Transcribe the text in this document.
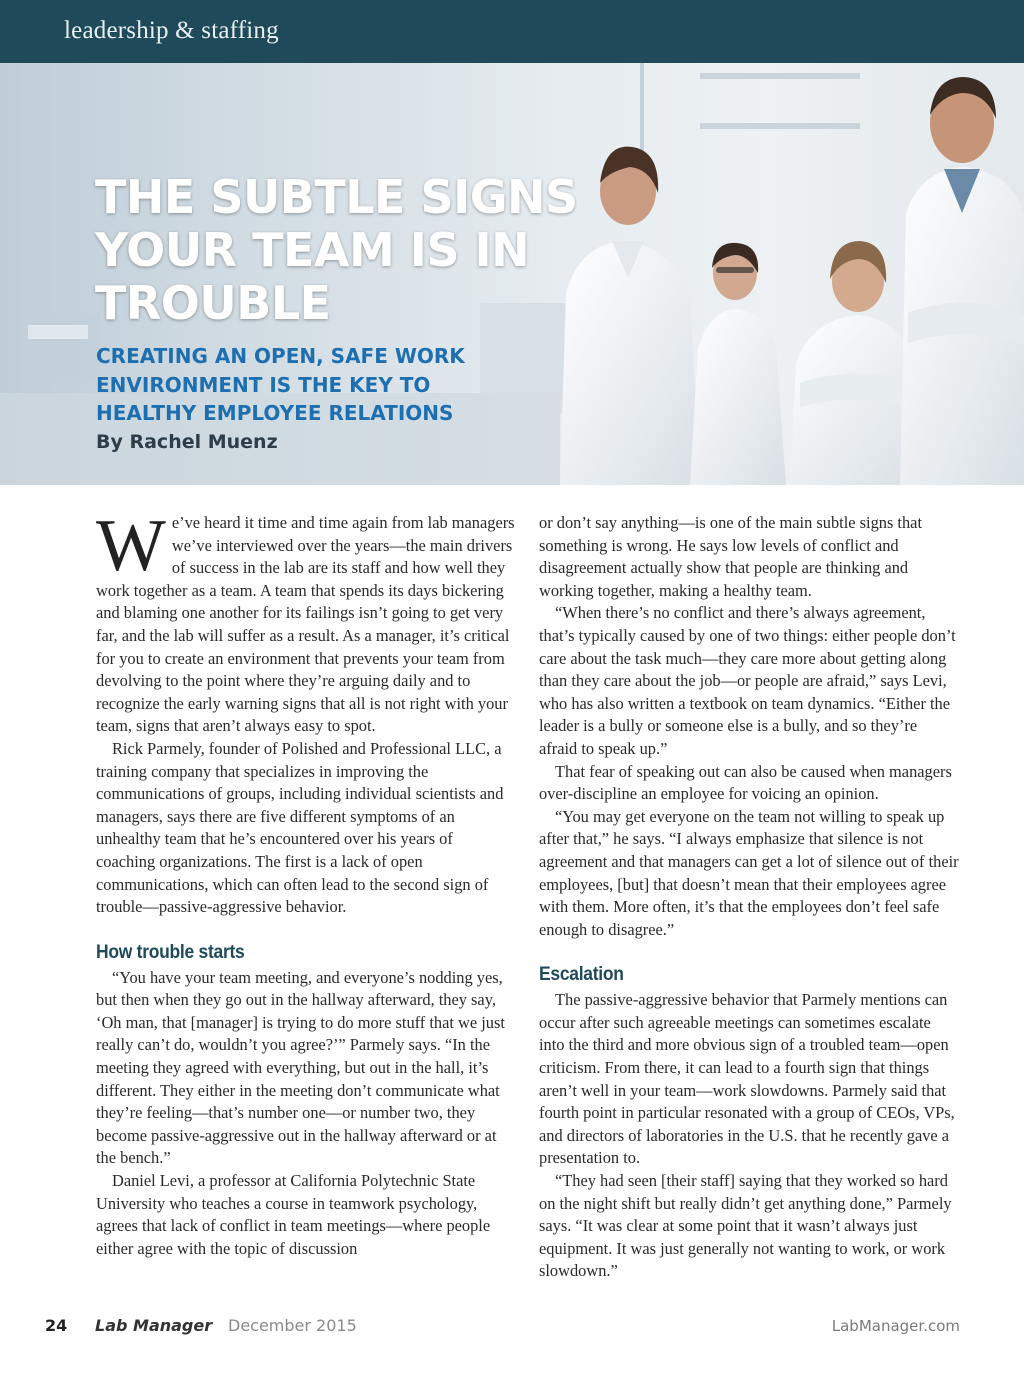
leadership & staffing
THE SUBTLE SIGNS YOUR TEAM IS IN TROUBLE
CREATING AN OPEN, SAFE WORK ENVIRONMENT IS THE KEY TO HEALTHY EMPLOYEE RELATIONS
By Rachel Muenz

We’ve heard it time and time again from lab managers we’ve interviewed over the years—the main drivers of success in the lab are its staff and how well they work together as a team. A team that spends its days bickering and blaming one another for its failings isn’t going to get very far, and the lab will suffer as a result. As a manager, it’s critical for you to create an environment that prevents your team from devolving to the point where they’re arguing daily and to recognize the early warning signs that all is not right with your team, signs that aren’t always easy to spot.

Rick Parmely, founder of Polished and Professional LLC, a training company that specializes in improving the communications of groups, including individual scientists and managers, says there are five different symptoms of an unhealthy team that he’s encountered over his years of coaching organizations. The first is a lack of open communications, which can often lead to the second sign of trouble—passive-aggressive behavior.

How trouble starts

“You have your team meeting, and everyone’s nodding yes, but then when they go out in the hallway afterward, they say, ‘Oh man, that [manager] is trying to do more stuff that we just really can’t do, wouldn’t you agree?’” Parmely says. “In the meeting they agreed with everything, but out in the hall, it’s different. They either in the meeting don’t communicate what they’re feeling—that’s number one—or number two, they become passive-aggressive out in the hallway afterward or at the bench.”

Daniel Levi, a professor at California Polytechnic State University who teaches a course in teamwork psychology, agrees that lack of conflict in team meetings—where people either agree with the topic of discussion

or don’t say anything—is one of the main subtle signs that something is wrong. He says low levels of conflict and disagreement actually show that people are thinking and working together, making a healthy team.

“When there’s no conflict and there’s always agreement, that’s typically caused by one of two things: either people don’t care about the task much—they care more about getting along than they care about the job—or people are afraid,” says Levi, who has also written a textbook on team dynamics. “Either the leader is a bully or someone else is a bully, and so they’re afraid to speak up.”

That fear of speaking out can also be caused when managers over-discipline an employee for voicing an opinion.

“You may get everyone on the team not willing to speak up after that,” he says. “I always emphasize that silence is not agreement and that managers can get a lot of silence out of their employees, [but] that doesn’t mean that their employees agree with them. More often, it’s that the employees don’t feel safe enough to disagree.”

Escalation

The passive-aggressive behavior that Parmely mentions can occur after such agreeable meetings can sometimes escalate into the third and more obvious sign of a troubled team—open criticism. From there, it can lead to a fourth sign that things aren’t well in your team—work slowdowns. Parmely said that fourth point in particular resonated with a group of CEOs, VPs, and directors of laboratories in the U.S. that he recently gave a presentation to.

“They had seen [their staff] saying that they worked so hard on the night shift but really didn’t get anything done,” Parmely says. “It was clear at some point that it wasn’t always just equipment. It was just generally not wanting to work, or work slowdown.”

24 Lab Manager December 2015	LabManager.com
